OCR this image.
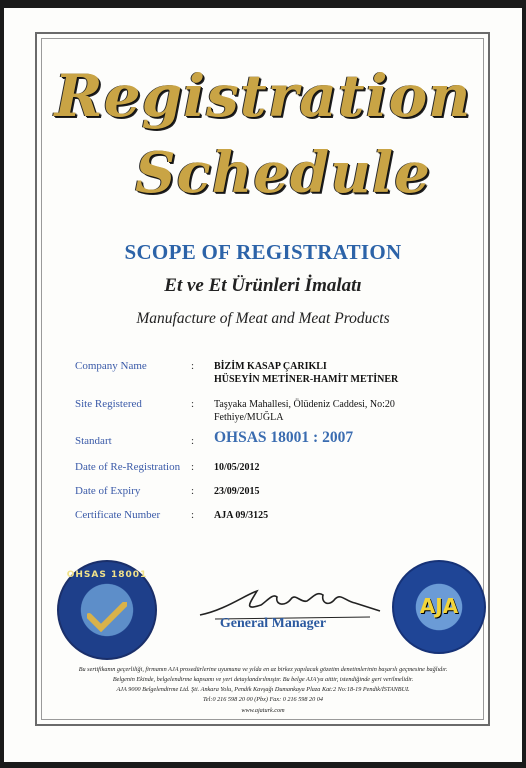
Registration
Schedule
SCOPE OF REGISTRATION
Et ve Et Ürünleri İmalatı
Manufacture of Meat and Meat Products
Company Name	: BİZİM KASAP ÇARIKLI
HÜSEYİN METİNER-HAMİT METİNER
Site Registered	: Taşyaka Mahallesi, Ölüdeniz Caddesi, No:20
Fethiye/MUĞLA
Standart	: OHSAS 18001 : 2007
Date of Re-Registration : 10/05/2012
Date of Expiry	: 23/09/2015
Certificate Number	: AJA 09/3125
OHSAS 18001
General Manager
AJA
Bu sertifikanın geçerliliği, firmanın AJA prosedürlerine uyumuna ve yılda en az birkez yapılacak gözetim denetimlerinin başarılı geçmesine bağlıdır.
Belgenin Ekinde, belgelendirme kapsamı ve yeri detaylandırılmıştır. Bu belge AJA'ya aittir, istendiğinde geri verilmelidir.
AJA 9000 Belgelendirme Ltd. Şti. Ankara Yolu, Pendik Kavşağı Dumankaya Plaza Kat:2 No:18-19 Pendik/İSTANBUL
Tel:0 216 598 20 00 (Pbx) Fax: 0 216 598 20 04
www.ajaturk.com
